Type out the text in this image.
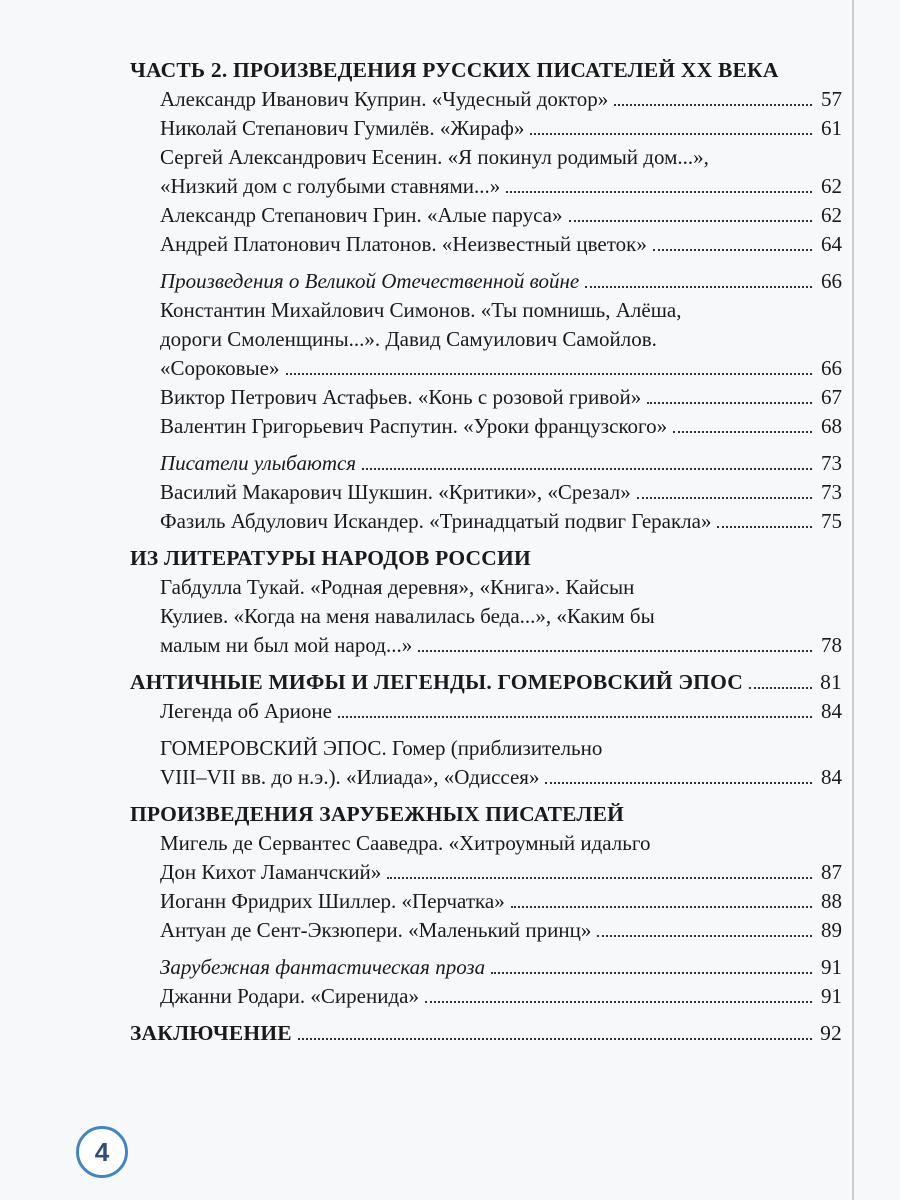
ЧАСТЬ 2. ПРОИЗВЕДЕНИЯ РУССКИХ ПИСАТЕЛЕЙ XX ВЕКА
Александр Иванович Куприн. «Чудесный доктор»	57
Николай Степанович Гумилёв. «Жираф»	61
Сергей Александрович Есенин. «Я покинул родимый дом...»,
«Низкий дом с голубыми ставнями...»	62
Александр Степанович Грин. «Алые паруса»	62
Андрей Платонович Платонов. «Неизвестный цветок»	64
Произведения о Великой Отечественной войне	66
Константин Михайлович Симонов. «Ты помнишь, Алёша,
дороги Смоленщины...». Давид Самуилович Самойлов.
«Сороковые»	66
Виктор Петрович Астафьев. «Конь с розовой гривой»	67
Валентин Григорьевич Распутин. «Уроки французского»	68
Писатели улыбаются	73
Василий Макарович Шукшин. «Критики», «Срезал»	73
Фазиль Абдулович Искандер. «Тринадцатый подвиг Геракла»	75
ИЗ ЛИТЕРАТУРЫ НАРОДОВ РОССИИ
Габдулла Тукай. «Родная деревня», «Книга». Кайсын
Кулиев. «Когда на меня навалилась беда...», «Каким бы
малым ни был мой народ...»	78
АНТИЧНЫЕ МИФЫ И ЛЕГЕНДЫ. ГОМЕРОВСКИЙ ЭПОС	81
Легенда об Арионе	84
ГОМЕРОВСКИЙ ЭПОС. Гомер (приблизительно
VIII–VII вв. до н.э.). «Илиада», «Одиссея»	84
ПРОИЗВЕДЕНИЯ ЗАРУБЕЖНЫХ ПИСАТЕЛЕЙ
Мигель де Сервантес Сааведра. «Хитроумный идальго
Дон Кихот Ламанчский»	87
Иоганн Фридрих Шиллер. «Перчатка»	88
Антуан де Сент-Экзюпери. «Маленький принц»	89
Зарубежная фантастическая проза	91
Джанни Родари. «Сиренида»	91
ЗАКЛЮЧЕНИЕ	92
4
